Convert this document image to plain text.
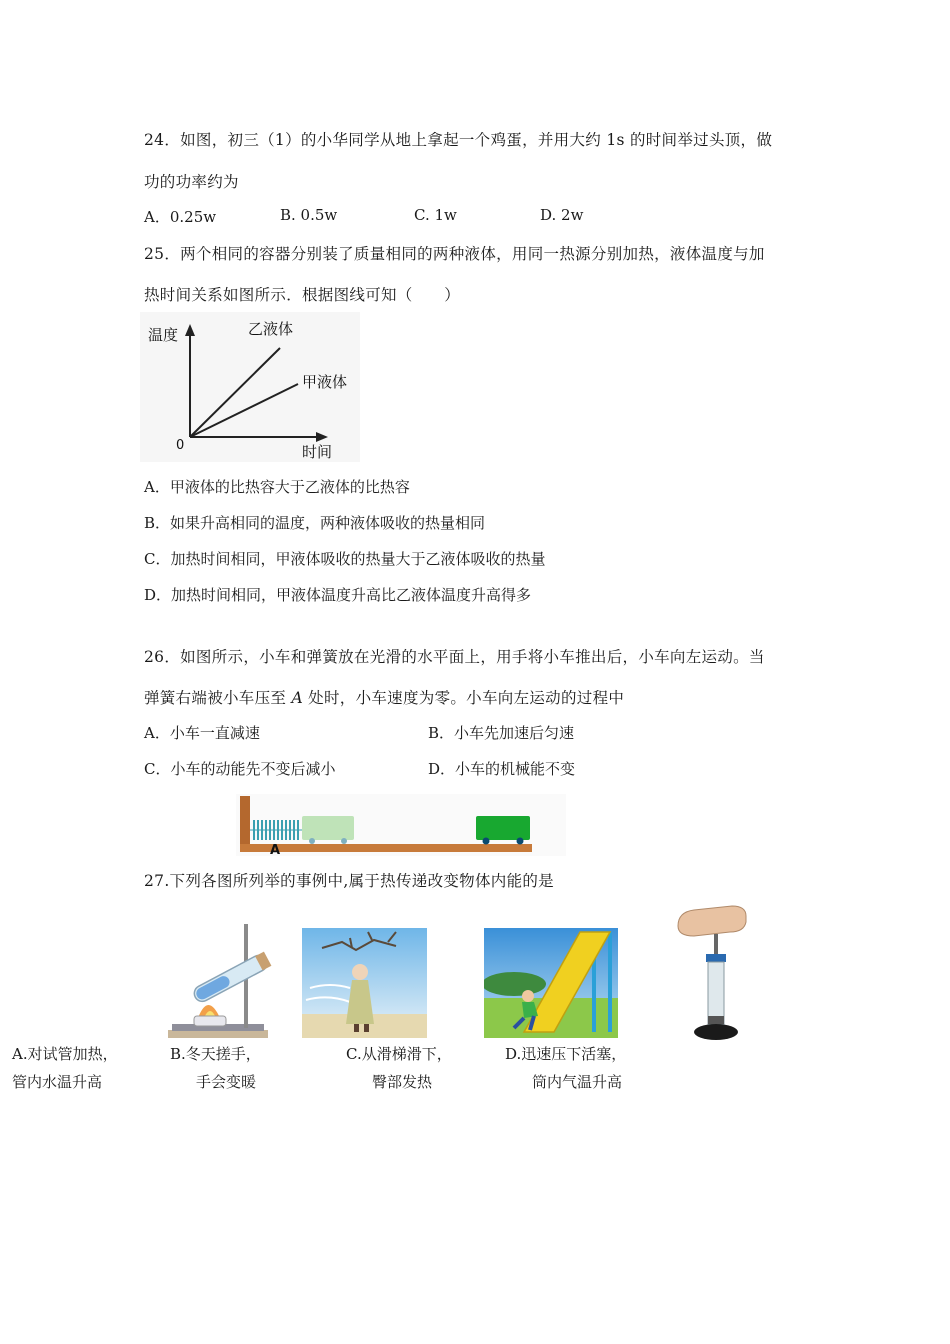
24．如图，初三（1）的小华同学从地上拿起一个鸡蛋，并用大约 1s 的时间举过头顶，做
功的功率约为
A．0.25w	B. 0.5w	C. 1w	D. 2w
25．两个相同的容器分别装了质量相同的两种液体，用同一热源分别加热，液体温度与加
热时间关系如图所示．根据图线可知（　　）
温度	乙液体
甲液体
0	时间
A．甲液体的比热容大于乙液体的比热容
B．如果升高相同的温度，两种液体吸收的热量相同
C．加热时间相同，甲液体吸收的热量大于乙液体吸收的热量
D．加热时间相同，甲液体温度升高比乙液体温度升高得多
26．如图所示，小车和弹簧放在光滑的水平面上，用手将小车推出后，小车向左运动。当
弹簧右端被小车压至 A 处时，小车速度为零。小车向左运动的过程中
A．小车一直减速	B．小车先加速后匀速
C．小车的动能先不变后减小	D．小车的机械能不变
A
27.下列各图所列举的事例中,属于热传递改变物体内能的是
A.对试管加热，
管内水温升高
B.冬天搓手，
手会变暖
C.从滑梯滑下，
臀部发热
D.迅速压下活塞，
筒内气温升高
